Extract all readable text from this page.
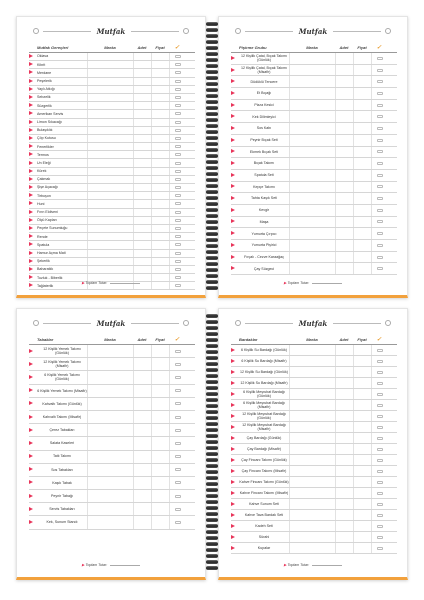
Mutfak
Mutfak Gereçleri	Marka	Adet	Fiyat	✓
Oklava
Kibrit
Merdane
Peşelerik
Yaylı Atkığı
Sebzelik
Süzgerlik
Amerikan Servis
Limon Sıkacağı
Bulaşıklık
Çöp Kutusu
Fenerlikler
Termos
Un Eleği
Kürek
Çakmak
Şişe Açacağı
Tirbuşon
Huni
Fırın Eldiveni
Ölçü Kapları
Peçete Sunumluğu
Rende
Spatula
Hamur Açma Mati
Şekerlik
Baharatlık
Tuzluk - Biberlik
Tağlaterlik
▶ Toplam Tutar:
Mutfak
Pişirme Grubu	Marka	Adet	Fiyat	✓
12 Kişilik Çatal, Bıçak Takımı (Günlük)
12 Kişilik Çatal, Bıçak Takımı (Misafir)
Düdüklü Tencere
Et Bıçağı
Pizza Kesici
Kek Dilimleyici
Sos Kabı
Peynir Bıçak Seti
Ekmek Bıçak Seti
Bıçak Takımı
Spatula Seti
Kepçe Takımı
Tahta Kaşık Seti
Kevgir
Maşa
Yumurta Çırpıcı
Yumurta Pişirici
Fırçalı - Cezve Karaağaç
Çay Süzgeci
▶ Toplam Tutar:
Mutfak
Tabaklar	Marka	Adet	Fiyat	✓
12 Kişilik Yemek Takımı (Günlük)
12 Kişilik Yemek Takımı (Misafir)
6 Kişilik Yemek Takımı (Günlük)
6 Kişilik Yemek Takımı (Misafir)
Kahvaltı Takımı (Günlük)
Kahvaltı Takımı (Misafir)
Çerez Tabakları
Salata Kaseleri
Tatlı Takımı
Sos Tabakları
Kaşık Tabak
Peynir Tabağı
Servis Tabakları
Kek, Sunum Standı
▶ Toplam Tutar:
Mutfak
Bardaklar	Marka	Adet	Fiyat	✓
6 Kişilik Su Bardağı (Günlük)
6 Kişilik Su Bardağı (Misafir)
12 Kişilik Su Bardağı (Günlük)
12 Kişilik Su Bardağı (Misafir)
6 Kişilik Meşrubat Bardağı (Günlük)
6 Kişilik Meşrubat Bardağı (Misafir)
12 Kişilik Meşrubat Bardağı (Günlük)
12 Kişilik Meşrubat Bardağı (Misafir)
Çay Bardağı (Günlük)
Çay Bardağı (Misafir)
Çay Fincanı Takımı (Günlük)
Çay Fincanı Takımı (Misafir)
Kahve Fincanı Takımı (Günlük)
Kahve Fincanı Takımı (Misafir)
Kahve Sunum Seti
Kahve Tava Bardak Seti
Kadeh Seti
Sürahi
Kupalar
▶ Toplam Tutar:
